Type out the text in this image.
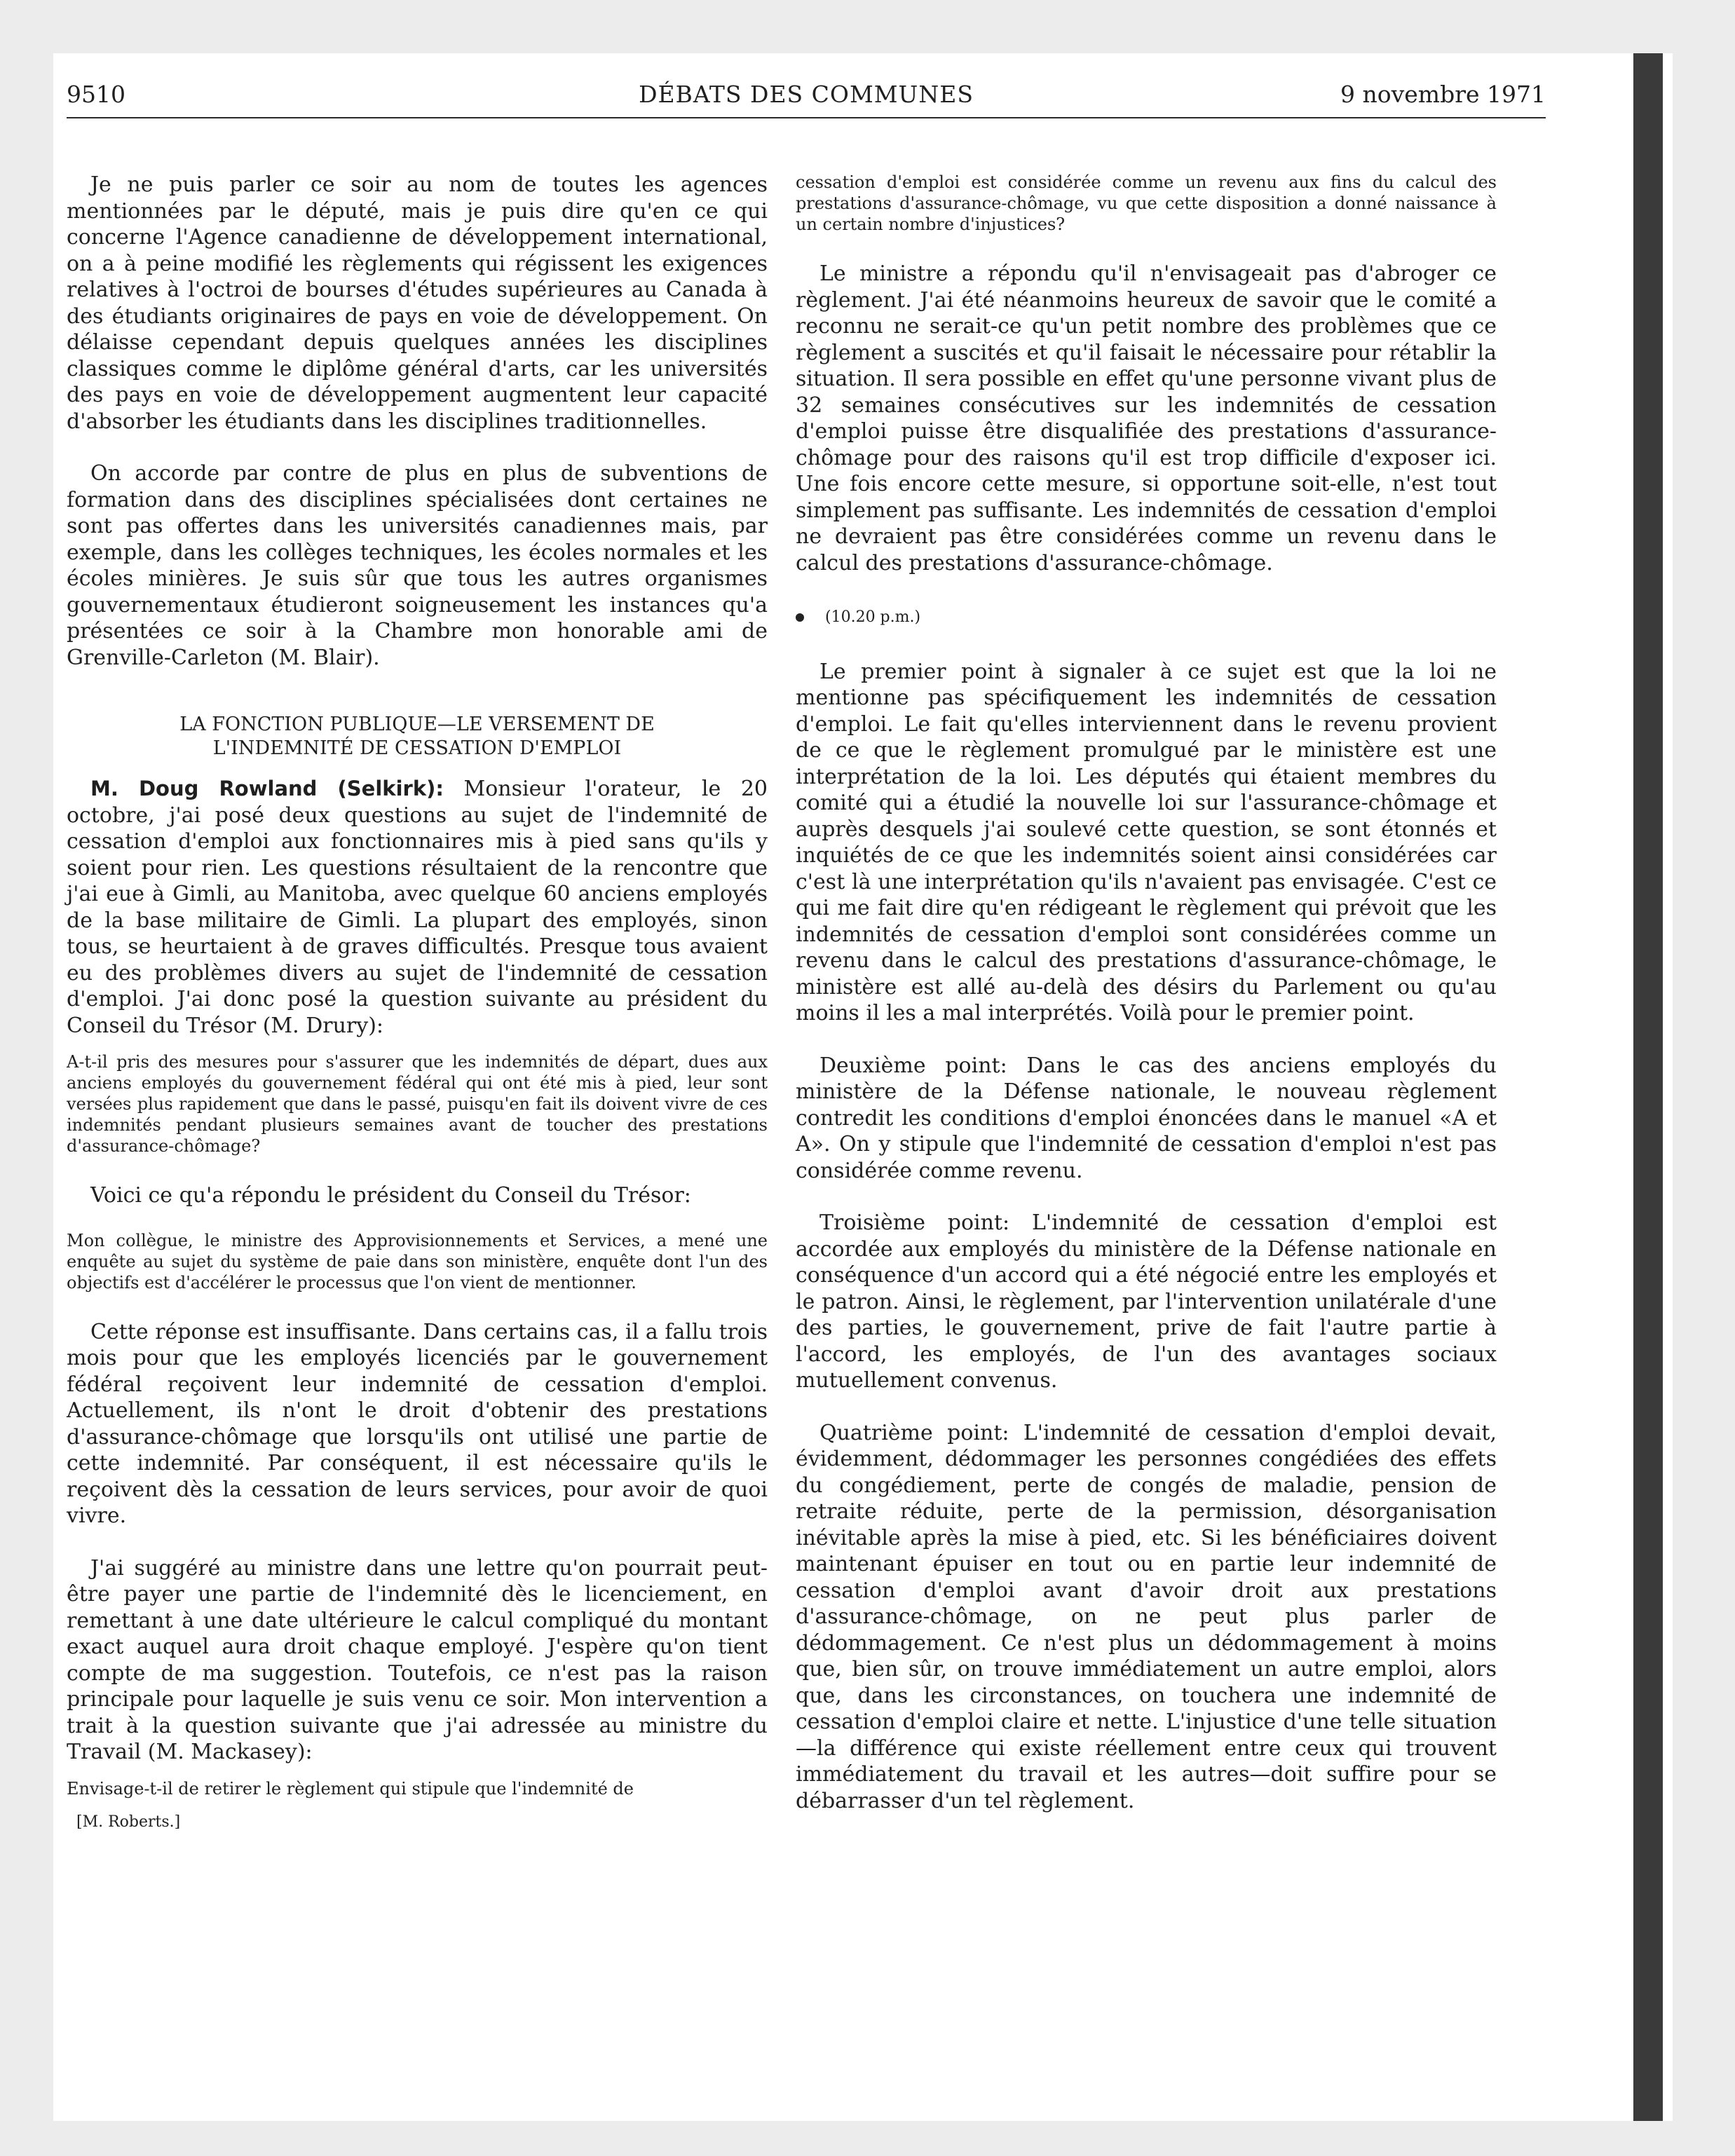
9510	DÉBATS DES COMMUNES	9 novembre 1971

Je ne puis parler ce soir au nom de toutes les agences mentionnées par le député, mais je puis dire qu'en ce qui concerne l'Agence canadienne de développement international, on a à peine modifié les règlements qui régissent les exigences relatives à l'octroi de bourses d'études supérieures au Canada à des étudiants originaires de pays en voie de développement. On délaisse cependant depuis quelques années les disciplines classiques comme le diplôme général d'arts, car les universités des pays en voie de développement augmentent leur capacité d'absorber les étudiants dans les disciplines traditionnelles.

On accorde par contre de plus en plus de subventions de formation dans des disciplines spécialisées dont certaines ne sont pas offertes dans les universités canadiennes mais, par exemple, dans les collèges techniques, les écoles normales et les écoles minières. Je suis sûr que tous les autres organismes gouvernementaux étudieront soigneusement les instances qu'a présentées ce soir à la Chambre mon honorable ami de Grenville-Carleton (M. Blair).

LA FONCTION PUBLIQUE—LE VERSEMENT DE
L'INDEMNITÉ DE CESSATION D'EMPLOI

M. Doug Rowland (Selkirk): Monsieur l'orateur, le 20 octobre, j'ai posé deux questions au sujet de l'indemnité de cessation d'emploi aux fonctionnaires mis à pied sans qu'ils y soient pour rien. Les questions résultaient de la rencontre que j'ai eue à Gimli, au Manitoba, avec quelque 60 anciens employés de la base militaire de Gimli. La plupart des employés, sinon tous, se heurtaient à de graves difficultés. Presque tous avaient eu des problèmes divers au sujet de l'indemnité de cessation d'emploi. J'ai donc posé la question suivante au président du Conseil du Trésor (M. Drury):

A-t-il pris des mesures pour s'assurer que les indemnités de départ, dues aux anciens employés du gouvernement fédéral qui ont été mis à pied, leur sont versées plus rapidement que dans le passé, puisqu'en fait ils doivent vivre de ces indemnités pendant plusieurs semaines avant de toucher des prestations d'assurance-chômage?

Voici ce qu'a répondu le président du Conseil du Trésor:

Mon collègue, le ministre des Approvisionnements et Services, a mené une enquête au sujet du système de paie dans son ministère, enquête dont l'un des objectifs est d'accélérer le processus que l'on vient de mentionner.

Cette réponse est insuffisante. Dans certains cas, il a fallu trois mois pour que les employés licenciés par le gouvernement fédéral reçoivent leur indemnité de cessation d'emploi. Actuellement, ils n'ont le droit d'obtenir des prestations d'assurance-chômage que lorsqu'ils ont utilisé une partie de cette indemnité. Par conséquent, il est nécessaire qu'ils le reçoivent dès la cessation de leurs services, pour avoir de quoi vivre.

J'ai suggéré au ministre dans une lettre qu'on pourrait peut-être payer une partie de l'indemnité dès le licenciement, en remettant à une date ultérieure le calcul compliqué du montant exact auquel aura droit chaque employé. J'espère qu'on tient compte de ma suggestion. Toutefois, ce n'est pas la raison principale pour laquelle je suis venu ce soir. Mon intervention a trait à la question suivante que j'ai adressée au ministre du Travail (M. Mackasey):

Envisage-t-il de retirer le règlement qui stipule que l'indemnité de

[M. Roberts.]

cessation d'emploi est considérée comme un revenu aux fins du calcul des prestations d'assurance-chômage, vu que cette disposition a donné naissance à un certain nombre d'injustices?

Le ministre a répondu qu'il n'envisageait pas d'abroger ce règlement. J'ai été néanmoins heureux de savoir que le comité a reconnu ne serait-ce qu'un petit nombre des problèmes que ce règlement a suscités et qu'il faisait le nécessaire pour rétablir la situation. Il sera possible en effet qu'une personne vivant plus de 32 semaines consécutives sur les indemnités de cessation d'emploi puisse être disqualifiée des prestations d'assurance-chômage pour des raisons qu'il est trop difficile d'exposer ici. Une fois encore cette mesure, si opportune soit-elle, n'est tout simplement pas suffisante. Les indemnités de cessation d'emploi ne devraient pas être considérées comme un revenu dans le calcul des prestations d'assurance-chômage.

(10.20 p.m.)

Le premier point à signaler à ce sujet est que la loi ne mentionne pas spécifiquement les indemnités de cessation d'emploi. Le fait qu'elles interviennent dans le revenu provient de ce que le règlement promulgué par le ministère est une interprétation de la loi. Les députés qui étaient membres du comité qui a étudié la nouvelle loi sur l'assurance-chômage et auprès desquels j'ai soulevé cette question, se sont étonnés et inquiétés de ce que les indemnités soient ainsi considérées car c'est là une interprétation qu'ils n'avaient pas envisagée. C'est ce qui me fait dire qu'en rédigeant le règlement qui prévoit que les indemnités de cessation d'emploi sont considérées comme un revenu dans le calcul des prestations d'assurance-chômage, le ministère est allé au-delà des désirs du Parlement ou qu'au moins il les a mal interprétés. Voilà pour le premier point.

Deuxième point: Dans le cas des anciens employés du ministère de la Défense nationale, le nouveau règlement contredit les conditions d'emploi énoncées dans le manuel «A et A». On y stipule que l'indemnité de cessation d'emploi n'est pas considérée comme revenu.

Troisième point: L'indemnité de cessation d'emploi est accordée aux employés du ministère de la Défense nationale en conséquence d'un accord qui a été négocié entre les employés et le patron. Ainsi, le règlement, par l'intervention unilatérale d'une des parties, le gouvernement, prive de fait l'autre partie à l'accord, les employés, de l'un des avantages sociaux mutuellement convenus.

Quatrième point: L'indemnité de cessation d'emploi devait, évidemment, dédommager les personnes congédiées des effets du congédiement, perte de congés de maladie, pension de retraite réduite, perte de la permission, désorganisation inévitable après la mise à pied, etc. Si les bénéficiaires doivent maintenant épuiser en tout ou en partie leur indemnité de cessation d'emploi avant d'avoir droit aux prestations d'assurance-chômage, on ne peut plus parler de dédommagement. Ce n'est plus un dédommagement à moins que, bien sûr, on trouve immédiatement un autre emploi, alors que, dans les circonstances, on touchera une indemnité de cessation d'emploi claire et nette. L'injustice d'une telle situation—la différence qui existe réellement entre ceux qui trouvent immédiatement du travail et les autres—doit suffire pour se débarrasser d'un tel règlement.
